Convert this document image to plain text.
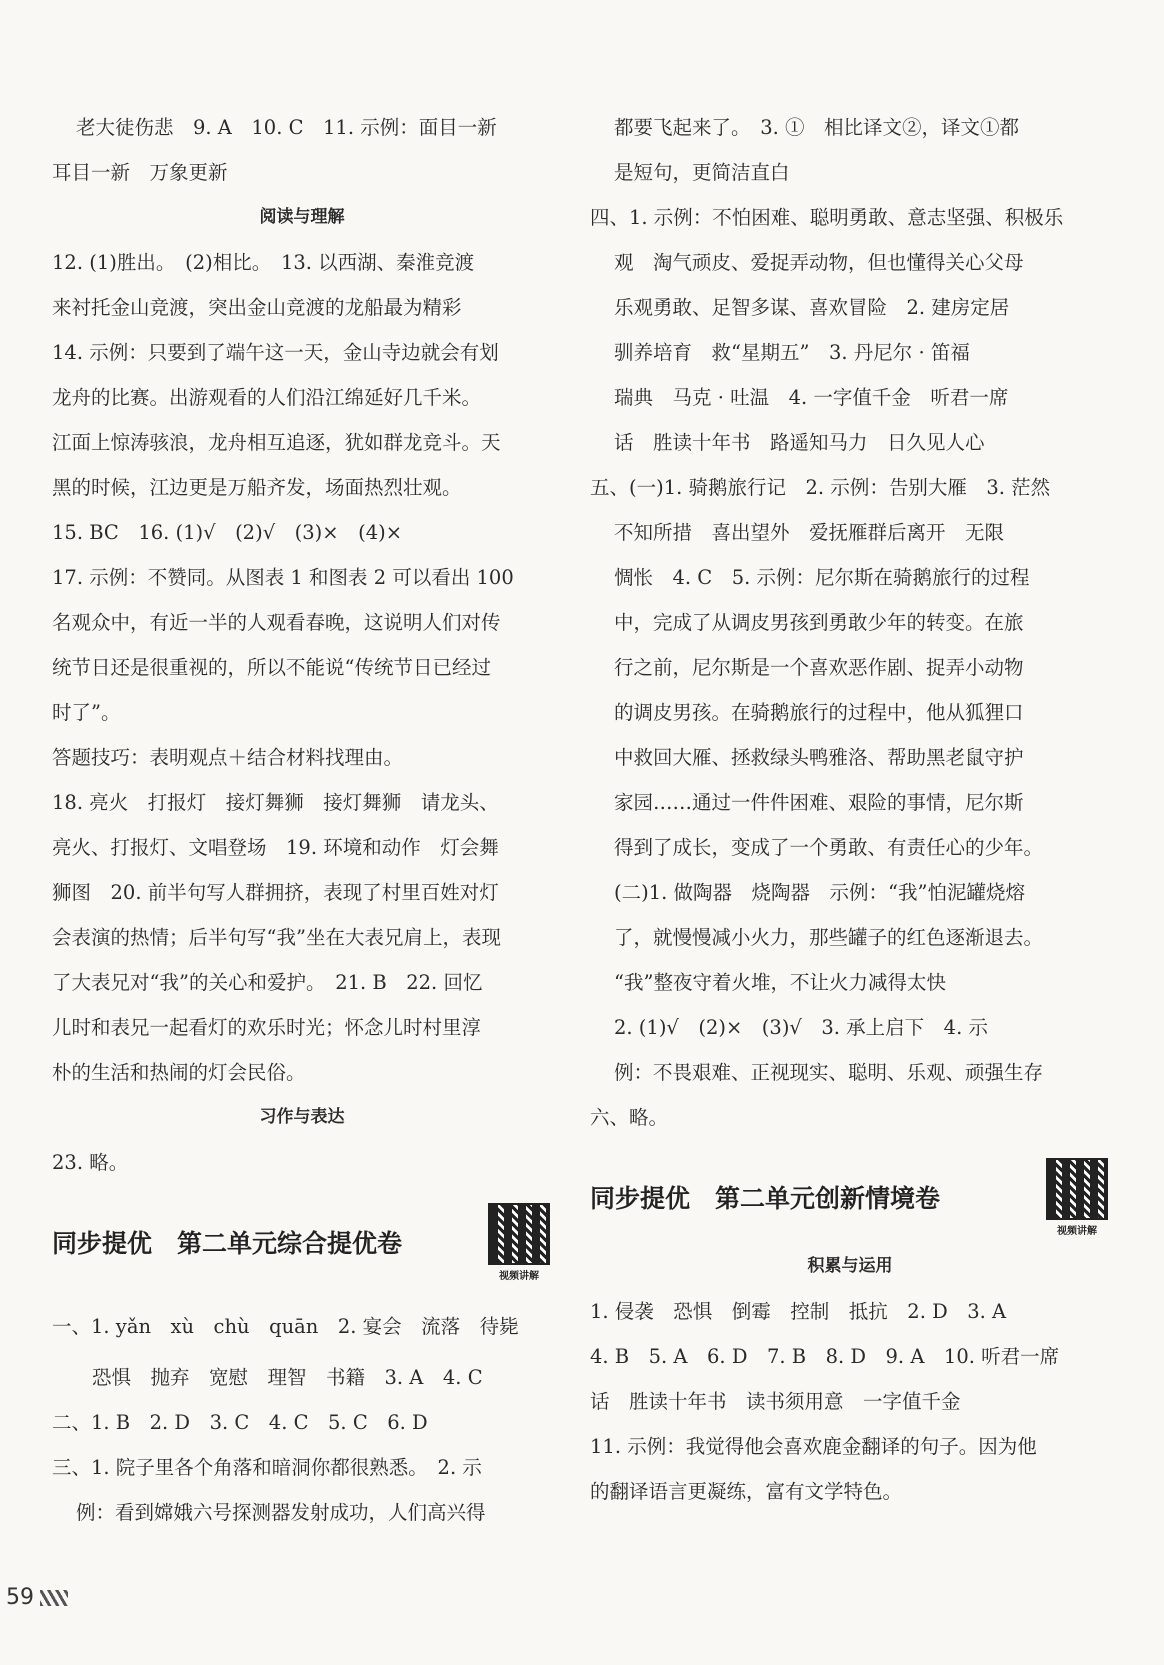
老大徒伤悲　9. A　10. C　11. 示例：面目一新
耳目一新　万象更新
阅读与理解
12. (1)胜出。　(2)相比。　13. 以西湖、秦淮竞渡
来衬托金山竞渡，突出金山竞渡的龙船最为精彩
14. 示例：只要到了端午这一天，金山寺边就会有划
龙舟的比赛。出游观看的人们沿江绵延好几千米。
江面上惊涛骇浪，龙舟相互追逐，犹如群龙竞斗。天
黑的时候，江边更是万船齐发，场面热烈壮观。
15. BC　16. (1)√　(2)√　(3)×　(4)×
17. 示例：不赞同。从图表 1 和图表 2 可以看出 100
名观众中，有近一半的人观看春晚，这说明人们对传
统节日还是很重视的，所以不能说“传统节日已经过
时了”。
答题技巧：表明观点＋结合材料找理由。
18. 亮火　打报灯　接灯舞狮　接灯舞狮　请龙头、
亮火、打报灯、文唱登场　19. 环境和动作　灯会舞
狮图　20. 前半句写人群拥挤，表现了村里百姓对灯
会表演的热情；后半句写“我”坐在大表兄肩上，表现
了大表兄对“我”的关心和爱护。　21. B　22. 回忆
儿时和表兄一起看灯的欢乐时光；怀念儿时村里淳
朴的生活和热闹的灯会民俗。
习作与表达
23. 略。
同步提优　第二单元综合提优卷
视频讲解
一、1. yǎn　xù　chù　quān　2. 宴会　流落　待毙
恐惧　抛弃　宽慰　理智　书籍　3. A　4. C
二、1. B　2. D　3. C　4. C　5. C　6. D
三、1. 院子里各个角落和暗洞你都很熟悉。　2. 示
例：看到嫦娥六号探测器发射成功，人们高兴得
都要飞起来了。　3. ①　相比译文②，译文①都
是短句，更简洁直白
四、1. 示例：不怕困难、聪明勇敢、意志坚强、积极乐
观　淘气顽皮、爱捉弄动物，但也懂得关心父母
乐观勇敢、足智多谋、喜欢冒险　2. 建房定居
驯养培育　救“星期五”　3. 丹尼尔 · 笛福
瑞典　马克 · 吐温　4. 一字值千金　听君一席
话　胜读十年书　路遥知马力　日久见人心
五、(一)1. 骑鹅旅行记　2. 示例：告别大雁　3. 茫然
不知所措　喜出望外　爱抚雁群后离开　无限
惆怅　4. C　5. 示例：尼尔斯在骑鹅旅行的过程
中，完成了从调皮男孩到勇敢少年的转变。在旅
行之前，尼尔斯是一个喜欢恶作剧、捉弄小动物
的调皮男孩。在骑鹅旅行的过程中，他从狐狸口
中救回大雁、拯救绿头鸭雅洛、帮助黑老鼠守护
家园……通过一件件困难、艰险的事情，尼尔斯
得到了成长，变成了一个勇敢、有责任心的少年。
(二)1. 做陶器　烧陶器　示例：“我”怕泥罐烧熔
了，就慢慢减小火力，那些罐子的红色逐渐退去。
“我”整夜守着火堆，不让火力减得太快
2. (1)√　(2)×　(3)√　3. 承上启下　4. 示
例：不畏艰难、正视现实、聪明、乐观、顽强生存
六、略。
同步提优　第二单元创新情境卷
视频讲解
积累与运用
1. 侵袭　恐惧　倒霉　控制　抵抗　2. D　3. A
4. B　5. A　6. D　7. B　8. D　9. A　10. 听君一席
话　胜读十年书　读书须用意　一字值千金
11. 示例：我觉得他会喜欢鹿金翻译的句子。因为他
的翻译语言更凝练，富有文学特色。
59
